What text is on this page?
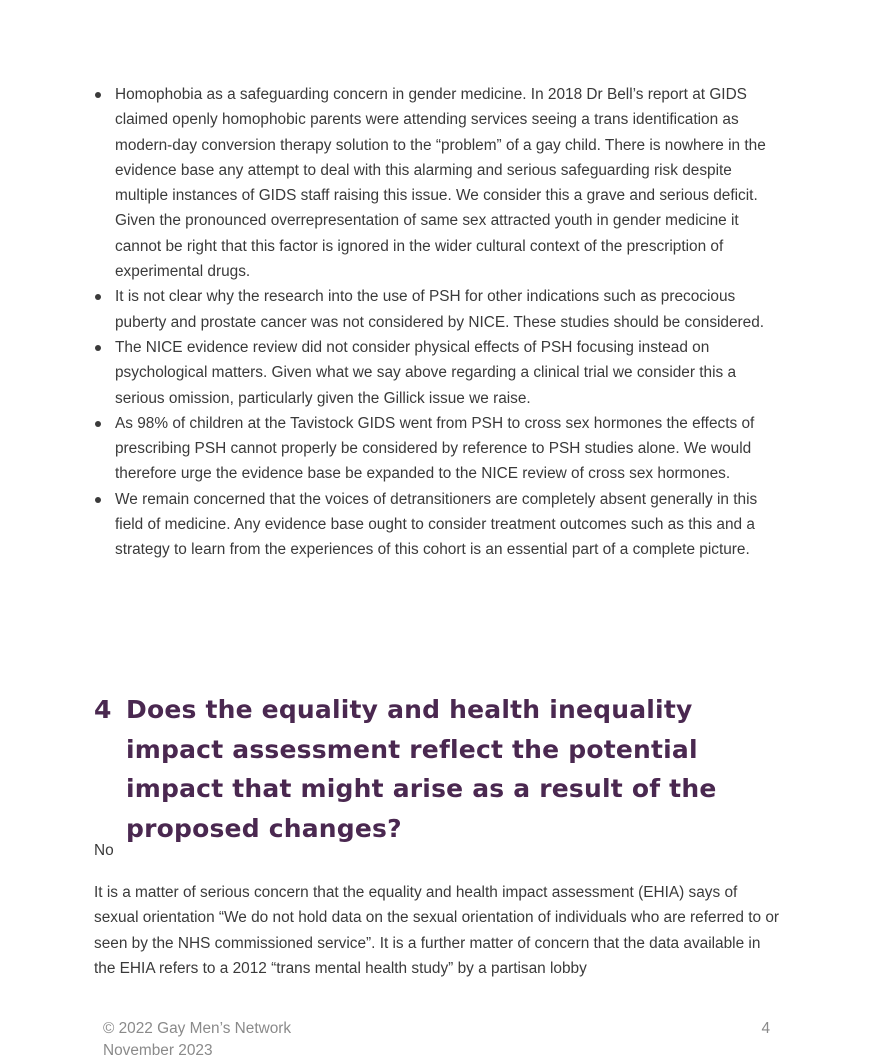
Homophobia as a safeguarding concern in gender medicine. In 2018 Dr Bell’s report at GIDS claimed openly homophobic parents were attending services seeing a trans identification as modern-day conversion therapy solution to the “problem” of a gay child. There is nowhere in the evidence base any attempt to deal with this alarming and serious safeguarding risk despite multiple instances of GIDS staff raising this issue. We consider this a grave and serious deficit. Given the pronounced overrepresentation of same sex attracted youth in gender medicine it cannot be right that this factor is ignored in the wider cultural context of the prescription of experimental drugs.
It is not clear why the research into the use of PSH for other indications such as precocious puberty and prostate cancer was not considered by NICE. These studies should be considered.
The NICE evidence review did not consider physical effects of PSH focusing instead on psychological matters. Given what we say above regarding a clinical trial we consider this a serious omission, particularly given the Gillick issue we raise.
As 98% of children at the Tavistock GIDS went from PSH to cross sex hormones the effects of prescribing PSH cannot properly be considered by reference to PSH studies alone. We would therefore urge the evidence base be expanded to the NICE review of cross sex hormones.
We remain concerned that the voices of detransitioners are completely absent generally in this field of medicine. Any evidence base ought to consider treatment outcomes such as this and a strategy to learn from the experiences of this cohort is an essential part of a complete picture.
4 Does the equality and health inequality impact assessment reflect the potential impact that might arise as a result of the proposed changes?

No

It is a matter of serious concern that the equality and health impact assessment (EHIA) says of sexual orientation “We do not hold data on the sexual orientation of individuals who are referred to or seen by the NHS commissioned service”. It is a further matter of concern that the data available in the EHIA refers to a 2012 “trans mental health study” by a partisan lobby

© 2022 Gay Men’s Network
November 2023
4
